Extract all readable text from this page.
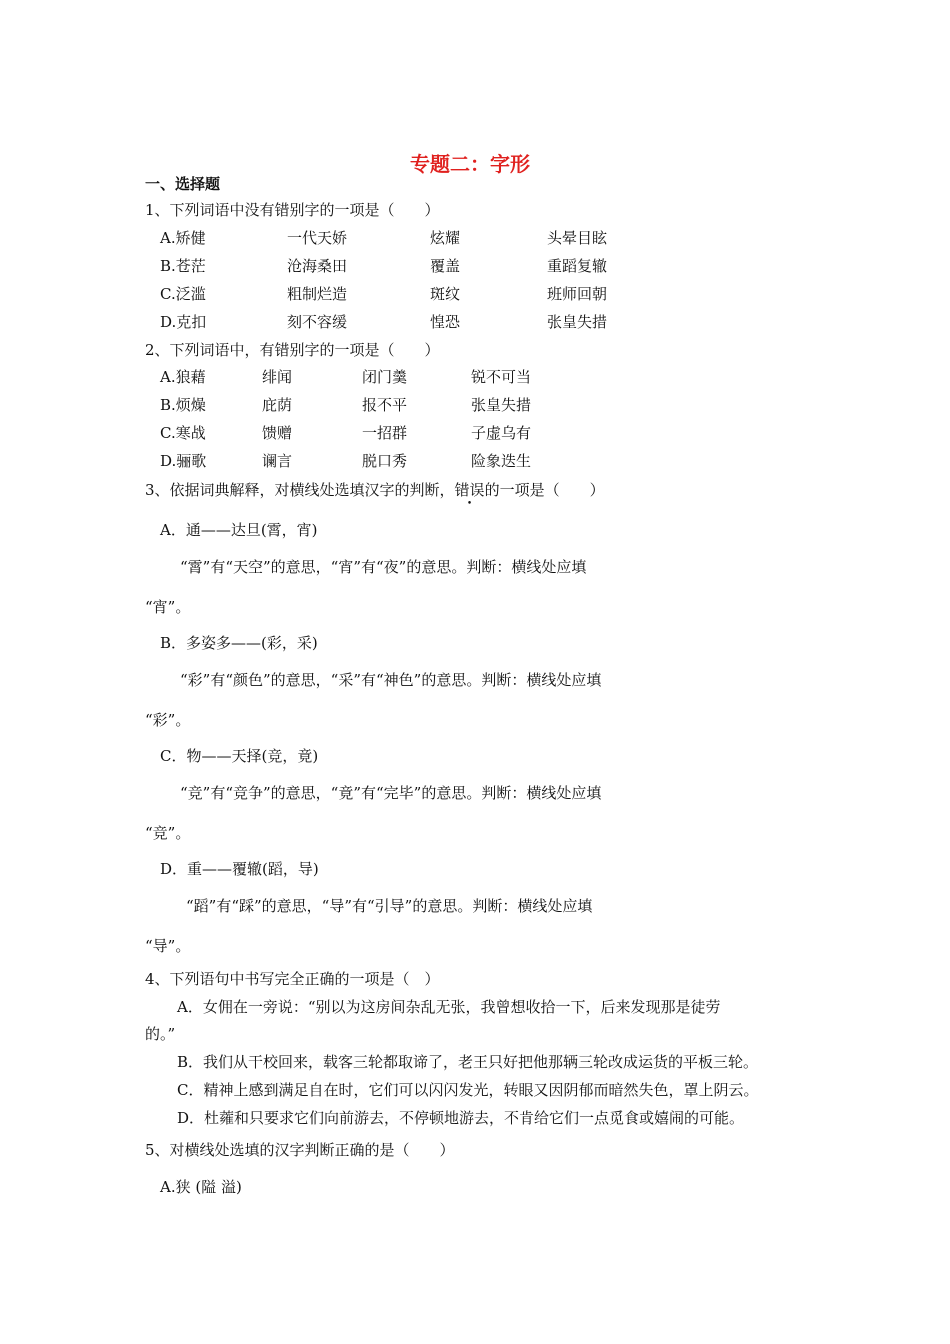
专题二：字形
一、选择题
1、下列词语中没有错别字的一项是（　　）
A.矫健	一代天娇	炫耀	头晕目眩
B.苍茫	沧海桑田	覆盖	重蹈复辙
C.泛滥	粗制烂造	斑纹	班师回朝
D.克扣	刻不容缓	惶恐	张皇失措
2、下列词语中，有错别字的一项是（　　）
A.狼藉	绯闻	闭门羹	锐不可当
B.烦燥	庇荫	报不平	张皇失措
C.寒战	馈赠	一招群	子虚乌有
D.骊歌	谰言	脱口秀	险象迭生
3、依据词典解释，对横线处选填汉字的判断，错误的一项是（　　）
A．通——达旦(霄，宵)
“霄”有“天空”的意思，“宵”有“夜”的意思。判断：横线处应填
“宵”。
B．多姿多——(彩，采)
“彩”有“颜色”的意思，“采”有“神色”的意思。判断：横线处应填
“彩”。
C．物——天择(竞，竟)
“竞”有“竞争”的意思，“竟”有“完毕”的意思。判断：横线处应填
“竞”。
D．重——覆辙(蹈，导)
“蹈”有“踩”的意思，“导”有“引导”的意思。判断：横线处应填
“导”。
4、下列语句中书写完全正确的一项是（　）
A．女佣在一旁说：“别以为这房间杂乱无张，我曾想收拾一下，后来发现那是徒劳
的。”
B．我们从干校回来，载客三轮都取谛了，老王只好把他那辆三轮改成运货的平板三轮。
C．精神上感到满足自在时，它们可以闪闪发光，转眼又因阴郁而暗然失色，罩上阴云。
D．杜蕹和只要求它们向前游去，不停顿地游去，不肯给它们一点觅食或嬉闹的可能。
5、对横线处选填的汉字判断正确的是（　　）
A.狭 (隘 溢)
